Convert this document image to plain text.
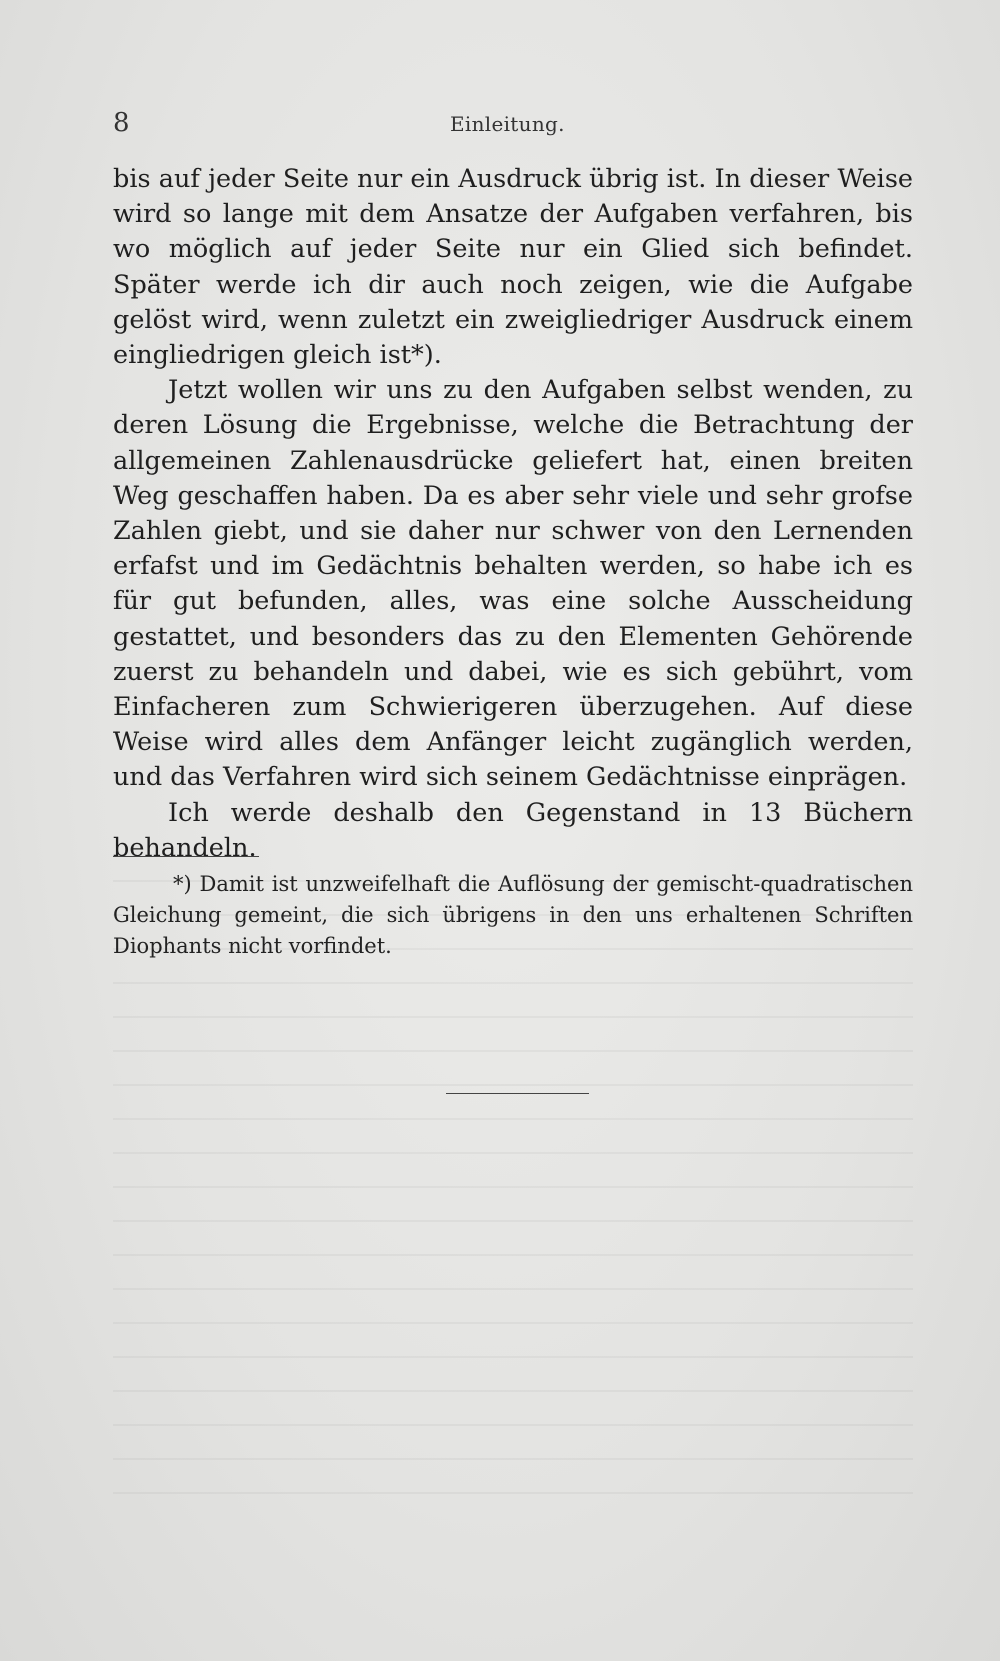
8	Einleitung.

bis auf jeder Seite nur ein Ausdruck übrig ist. In dieser Weise wird so lange mit dem Ansatze der Aufgaben verfahren, bis wo möglich auf jeder Seite nur ein Glied sich befindet. Später werde ich dir auch noch zeigen, wie die Aufgabe gelöst wird, wenn zuletzt ein zweigliedriger Ausdruck einem eingliedrigen gleich ist*).

Jetzt wollen wir uns zu den Aufgaben selbst wenden, zu deren Lösung die Ergebnisse, welche die Betrachtung der allgemeinen Zahlenausdrücke geliefert hat, einen breiten Weg geschaffen haben. Da es aber sehr viele und sehr grofse Zahlen giebt, und sie daher nur schwer von den Lernenden erfafst und im Gedächtnis behalten werden, so habe ich es für gut befunden, alles, was eine solche Ausscheidung gestattet, und besonders das zu den Elementen Gehörende zuerst zu behandeln und dabei, wie es sich gebührt, vom Einfacheren zum Schwierigeren überzugehen. Auf diese Weise wird alles dem Anfänger leicht zugänglich werden, und das Verfahren wird sich seinem Gedächtnisse einprägen.

Ich werde deshalb den Gegenstand in 13 Büchern behandeln.

*) Damit ist unzweifelhaft die Auflösung der gemischt-quadratischen Gleichung gemeint, die sich übrigens in den uns erhaltenen Schriften Diophants nicht vorfindet.
